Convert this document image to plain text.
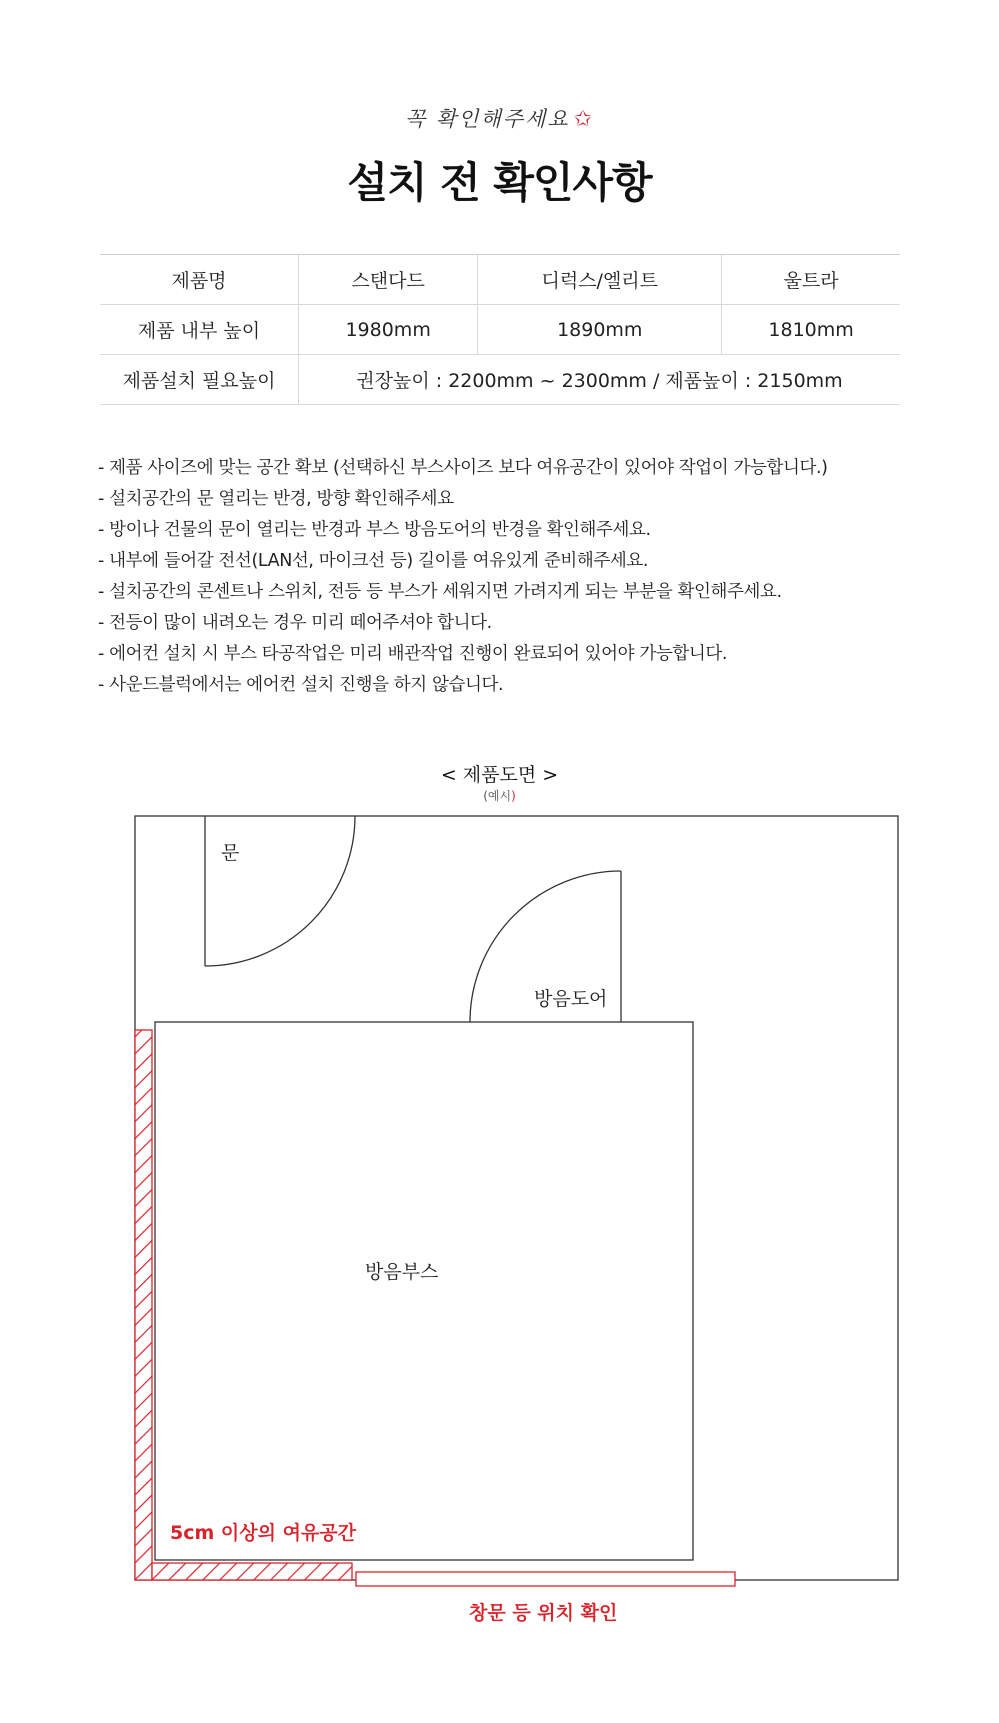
꼭 확인해주세요 ✩
설치 전 확인사항
제품명	스탠다드	디럭스/엘리트	울트라
제품 내부 높이	1980mm	1890mm	1810mm
제품설치 필요높이	권장높이 : 2200mm ~ 2300mm / 제품높이 : 2150mm		
- 제품 사이즈에 맞는 공간 확보 (선택하신 부스사이즈 보다 여유공간이 있어야 작업이 가능합니다.)
- 설치공간의 문 열리는 반경, 방향 확인해주세요
- 방이나 건물의 문이 열리는 반경과 부스 방음도어의 반경을 확인해주세요.
- 내부에 들어갈 전선(LAN선, 마이크선 등) 길이를 여유있게 준비해주세요.
- 설치공간의 콘센트나 스위치, 전등 등 부스가 세워지면 가려지게 되는 부분을 확인해주세요.
- 전등이 많이 내려오는 경우 미리 떼어주셔야 합니다.
- 에어컨 설치 시 부스 타공작업은 미리 배관작업 진행이 완료되어 있어야 가능합니다.
- 사운드블럭에서는 에어컨 설치 진행을 하지 않습니다.
< 제품도면 >
(예시)
문
방음도어
방음부스
5cm 이상의 여유공간
창문 등 위치 확인
